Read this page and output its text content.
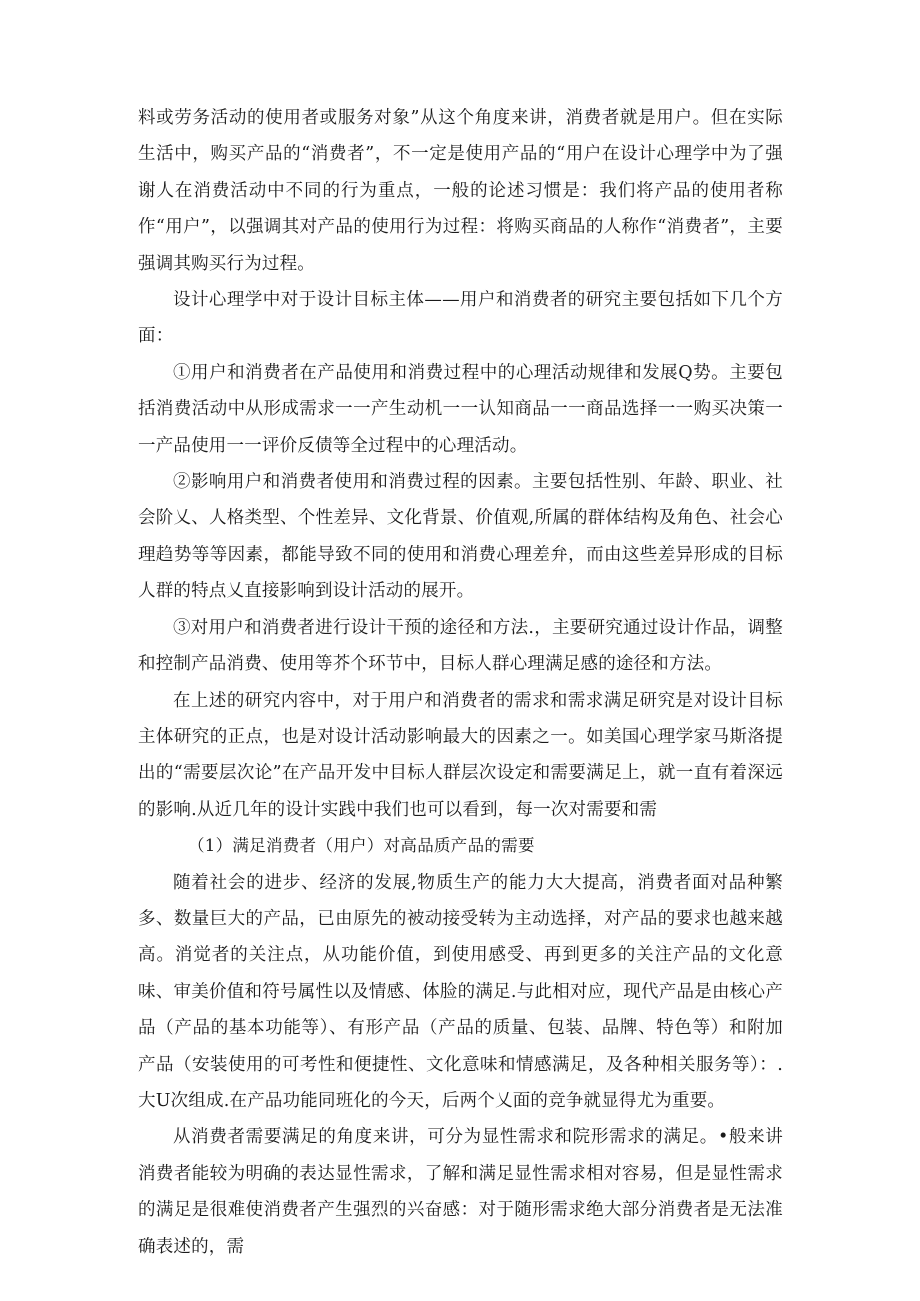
料或劳务活动的使用者或服务对象”从这个角度来讲，消费者就是用户。但在实际生活中，购买产品的“消费者”，不一定是使用产品的“用户在设计心理学中为了强谢人在消费活动中不同的行为重点，一般的论述习惯是：我们将产品的使用者称作“用户”，以强调其对产品的使用行为过程：将购买商品的人称作“消费者”，主要强调其购买行为过程。

设计心理学中对于设计目标主体——用户和消费者的研究主要包括如下几个方面：

①用户和消费者在产品使用和消费过程中的心理活动规律和发展Q势。主要包括消费活动中从形成需求一一产生动机一一认知商品一一商品选择一一购买决策一一产品使用一一评价反债等全过程中的心理活动。

②影响用户和消费者使用和消费过程的因素。主要包括性别、年龄、职业、社会阶乂、人格类型、个性差异、文化背景、价值观,所属的群体结构及角色、社会心理趋势等等因素，都能导致不同的使用和消费心理差弁，而由这些差异形成的目标人群的特点乂直接影响到设计活动的展开。

③对用户和消费者进行设计干预的途径和方法.，主要研究通过设计作品，调整和控制产品消费、使用等芥个环节中，目标人群心理满足感的途径和方法。

在上述的研究内容中，对于用户和消费者的需求和需求满足研究是对设计目标主体研究的正点，也是对设计活动影响最大的因素之一。如美国心理学家马斯洛提出的“需要层次论”在产品开发中目标人群层次设定和需要满足上，就一直有着深远的影响.从近几年的设计实践中我们也可以看到，每一次对需要和需

（1）满足消费者（用户）对高品质产品的需要

随着社会的进步、经济的发展,物质生产的能力大大提高，消费者面对品种繁多、数量巨大的产品，已由原先的被动接受转为主动选择，对产品的要求也越来越高。消觉者的关注点，从功能价值，到使用感受、再到更多的关注产品的文化意味、审美价值和符号属性以及情感、体脸的满足.与此相对应，现代产品是由核心产品（产品的基本功能等）、有形产品（产品的质量、包装、品牌、特色等）和附加产品（安装使用的可考性和便捷性、文化意味和情感满足，及各种相关服务等）：.大U次组成.在产品功能同班化的今天，后两个乂面的竞争就显得尤为重要。

从消费者需要满足的角度来讲，可分为显性需求和院形需求的满足。•般来讲消费者能较为明确的表达显性需求，了解和满足显性需求相对容易，但是显性需求的满足是很难使消费者产生强烈的兴奋感：对于随形需求绝大部分消费者是无法准确表述的，需
